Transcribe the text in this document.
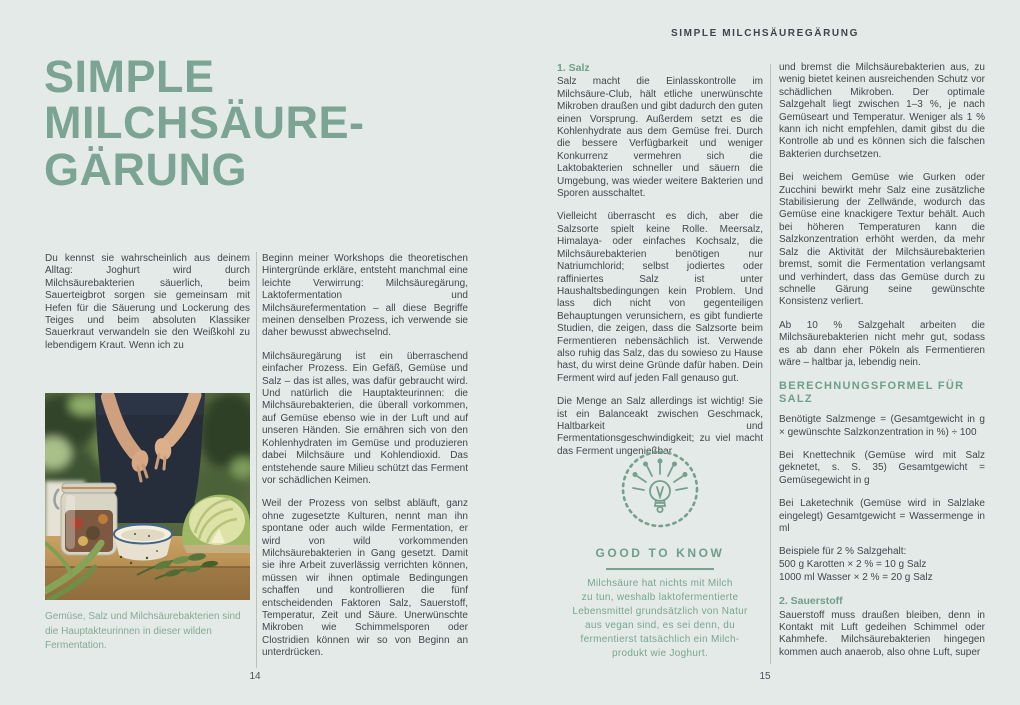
SIMPLE MILCHSÄUREGÄRUNG
SIMPLE
MILCHSÄURE-
GÄRUNG

Du kennst sie wahrscheinlich aus deinem Alltag: Joghurt wird durch Milchsäurebakterien säuerlich, beim Sauerteigbrot sorgen sie gemeinsam mit Hefen für die Säuerung und Lockerung des Teiges und beim absoluten Klassiker Sauerkraut verwandeln sie den Weißkohl zu lebendigem Kraut. Wenn ich zu

Gemüse, Salz und Milchsäurebakterien sind die Hauptakteurinnen in dieser wilden Fermentation.

Beginn meiner Workshops die theoretischen Hintergründe erkläre, entsteht manchmal eine leichte Verwirrung: Milchsäuregärung, Laktofermentation und Milchsäurefermentation – all diese Begriffe meinen denselben Prozess, ich verwende sie daher bewusst abwechselnd.

Milchsäuregärung ist ein überraschend einfacher Prozess. Ein Gefäß, Gemüse und Salz – das ist alles, was dafür gebraucht wird. Und natürlich die Hauptakteurinnen: die Milchsäurebakterien, die überall vorkommen, auf Gemüse ebenso wie in der Luft und auf unseren Händen. Sie ernähren sich von den Kohlenhydraten im Gemüse und produzieren dabei Milchsäure und Kohlendioxid. Das entstehende saure Milieu schützt das Ferment vor schädlichen Keimen.

Weil der Prozess von selbst abläuft, ganz ohne zugesetzte Kulturen, nennt man ihn spontane oder auch wilde Fermentation, er wird von wild vorkommenden Milchsäurebakterien in Gang gesetzt. Damit sie ihre Arbeit zuverlässig verrichten können, müssen wir ihnen optimale Bedingungen schaffen und kontrollieren die fünf entscheidenden Faktoren Salz, Sauerstoff, Temperatur, Zeit und Säure. Unerwünschte Mikroben wie Schimmelsporen oder Clostridien können wir so von Beginn an unterdrücken.

1. Salz

Salz macht die Einlasskontrolle im Milchsäure-Club, hält etliche unerwünschte Mikroben draußen und gibt dadurch den guten einen Vorsprung. Außerdem setzt es die Kohlenhydrate aus dem Gemüse frei. Durch die bessere Verfügbarkeit und weniger Konkurrenz vermehren sich die Laktobakterien schneller und säuern die Umgebung, was wieder weitere Bakterien und Sporen ausschaltet.

Vielleicht überrascht es dich, aber die Salzsorte spielt keine Rolle. Meersalz, Himalaya- oder einfaches Kochsalz, die Milchsäurebakterien benötigen nur Natriumchlorid; selbst jodiertes oder raffiniertes Salz ist unter Haushaltsbedingungen kein Problem. Und lass dich nicht von gegenteiligen Behauptungen verunsichern, es gibt fundierte Studien, die zeigen, dass die Salzsorte beim Fermentieren nebensächlich ist. Verwende also ruhig das Salz, das du sowieso zu Hause hast, du wirst deine Gründe dafür haben. Dein Ferment wird auf jeden Fall genauso gut.

Die Menge an Salz allerdings ist wichtig! Sie ist ein Balanceakt zwischen Geschmack, Haltbarkeit und Fermentationsgeschwindigkeit; zu viel macht das Ferment ungenießbar

GOOD TO KNOW
Milchsäure hat nichts mit Milch
zu tun, weshalb laktofermentierte
Lebensmittel grundsätzlich von Natur
aus vegan sind, es sei denn, du
fermentierst tatsächlich ein Milch-
produkt wie Joghurt.

und bremst die Milchsäurebakterien aus, zu wenig bietet keinen ausreichenden Schutz vor schädlichen Mikroben. Der optimale Salzgehalt liegt zwischen 1–3 %, je nach Gemüseart und Temperatur. Weniger als 1 % kann ich nicht empfehlen, damit gibst du die Kontrolle ab und es können sich die falschen Bakterien durchsetzen.

Bei weichem Gemüse wie Gurken oder Zucchini bewirkt mehr Salz eine zusätzliche Stabilisierung der Zellwände, wodurch das Gemüse eine knackigere Textur behält. Auch bei höheren Temperaturen kann die Salzkonzentration erhöht werden, da mehr Salz die Aktivität der Milchsäurebakterien bremst, somit die Fermentation verlangsamt und verhindert, dass das Gemüse durch zu schnelle Gärung seine gewünschte Konsistenz verliert.

Ab 10 % Salzgehalt arbeiten die Milchsäurebakterien nicht mehr gut, sodass es ab dann eher Pökeln als Fermentieren wäre – haltbar ja, lebendig nein.

BERECHNUNGSFORMEL FÜR SALZ

Benötigte Salzmenge = (Gesamtgewicht in g × gewünschte Salzkonzentration in %) ÷ 100

Bei Knettechnik (Gemüse wird mit Salz geknetet, s. S. 35) Gesamtgewicht = Gemüsegewicht in g

Bei Laketechnik (Gemüse wird in Salzlake eingelegt) Gesamtgewicht = Wassermenge in ml

Beispiele für 2 % Salzgehalt:
500 g Karotten × 2 % = 10 g Salz
1000 ml Wasser × 2 % = 20 g Salz
2. Sauerstoff

Sauerstoff muss draußen bleiben, denn in Kontakt mit Luft gedeihen Schimmel oder Kahmhefe. Milchsäurebakterien hingegen kommen auch anaerob, also ohne Luft, super

14	15
